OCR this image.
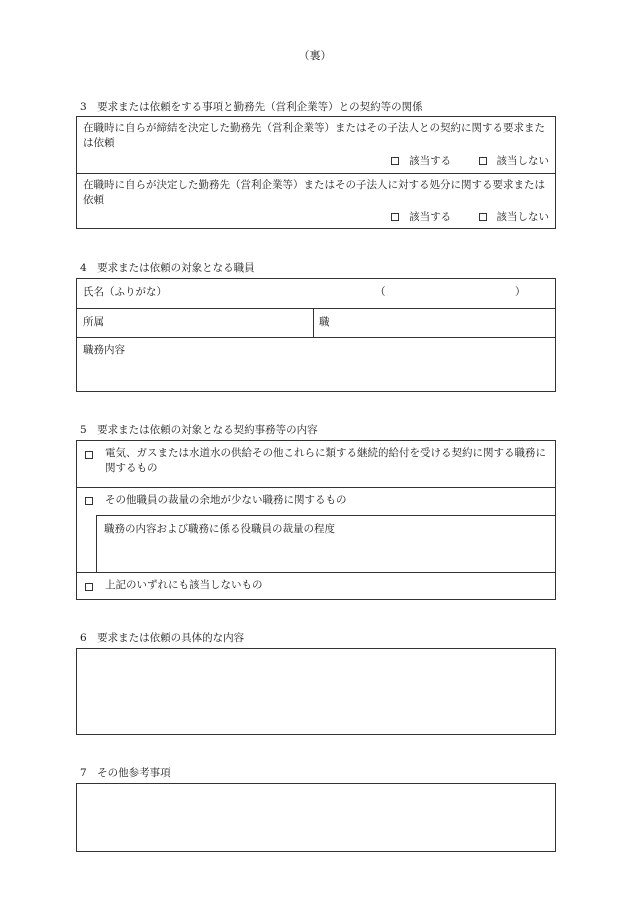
（裏）
3　要求または依頼をする事項と勤務先（営利企業等）との契約等の関係
在職時に自らが締結を決定した勤務先（営利企業等）またはその子法人との契約に関する要求または依頼
該当する	該当しない
在職時に自らが決定した勤務先（営利企業等）またはその子法人に対する処分に関する要求または依頼
該当する	該当しない
4　要求または依頼の対象となる職員
氏名（ふりがな）	（	）
所属	職
職務内容
5　要求または依頼の対象となる契約事務等の内容
電気、ガスまたは水道水の供給その他これらに類する継続的給付を受ける契約に関する職務に関するもの
その他職員の裁量の余地が少ない職務に関するもの
職務の内容および職務に係る役職員の裁量の程度
上記のいずれにも該当しないもの
6　要求または依頼の具体的な内容
7　その他参考事項
